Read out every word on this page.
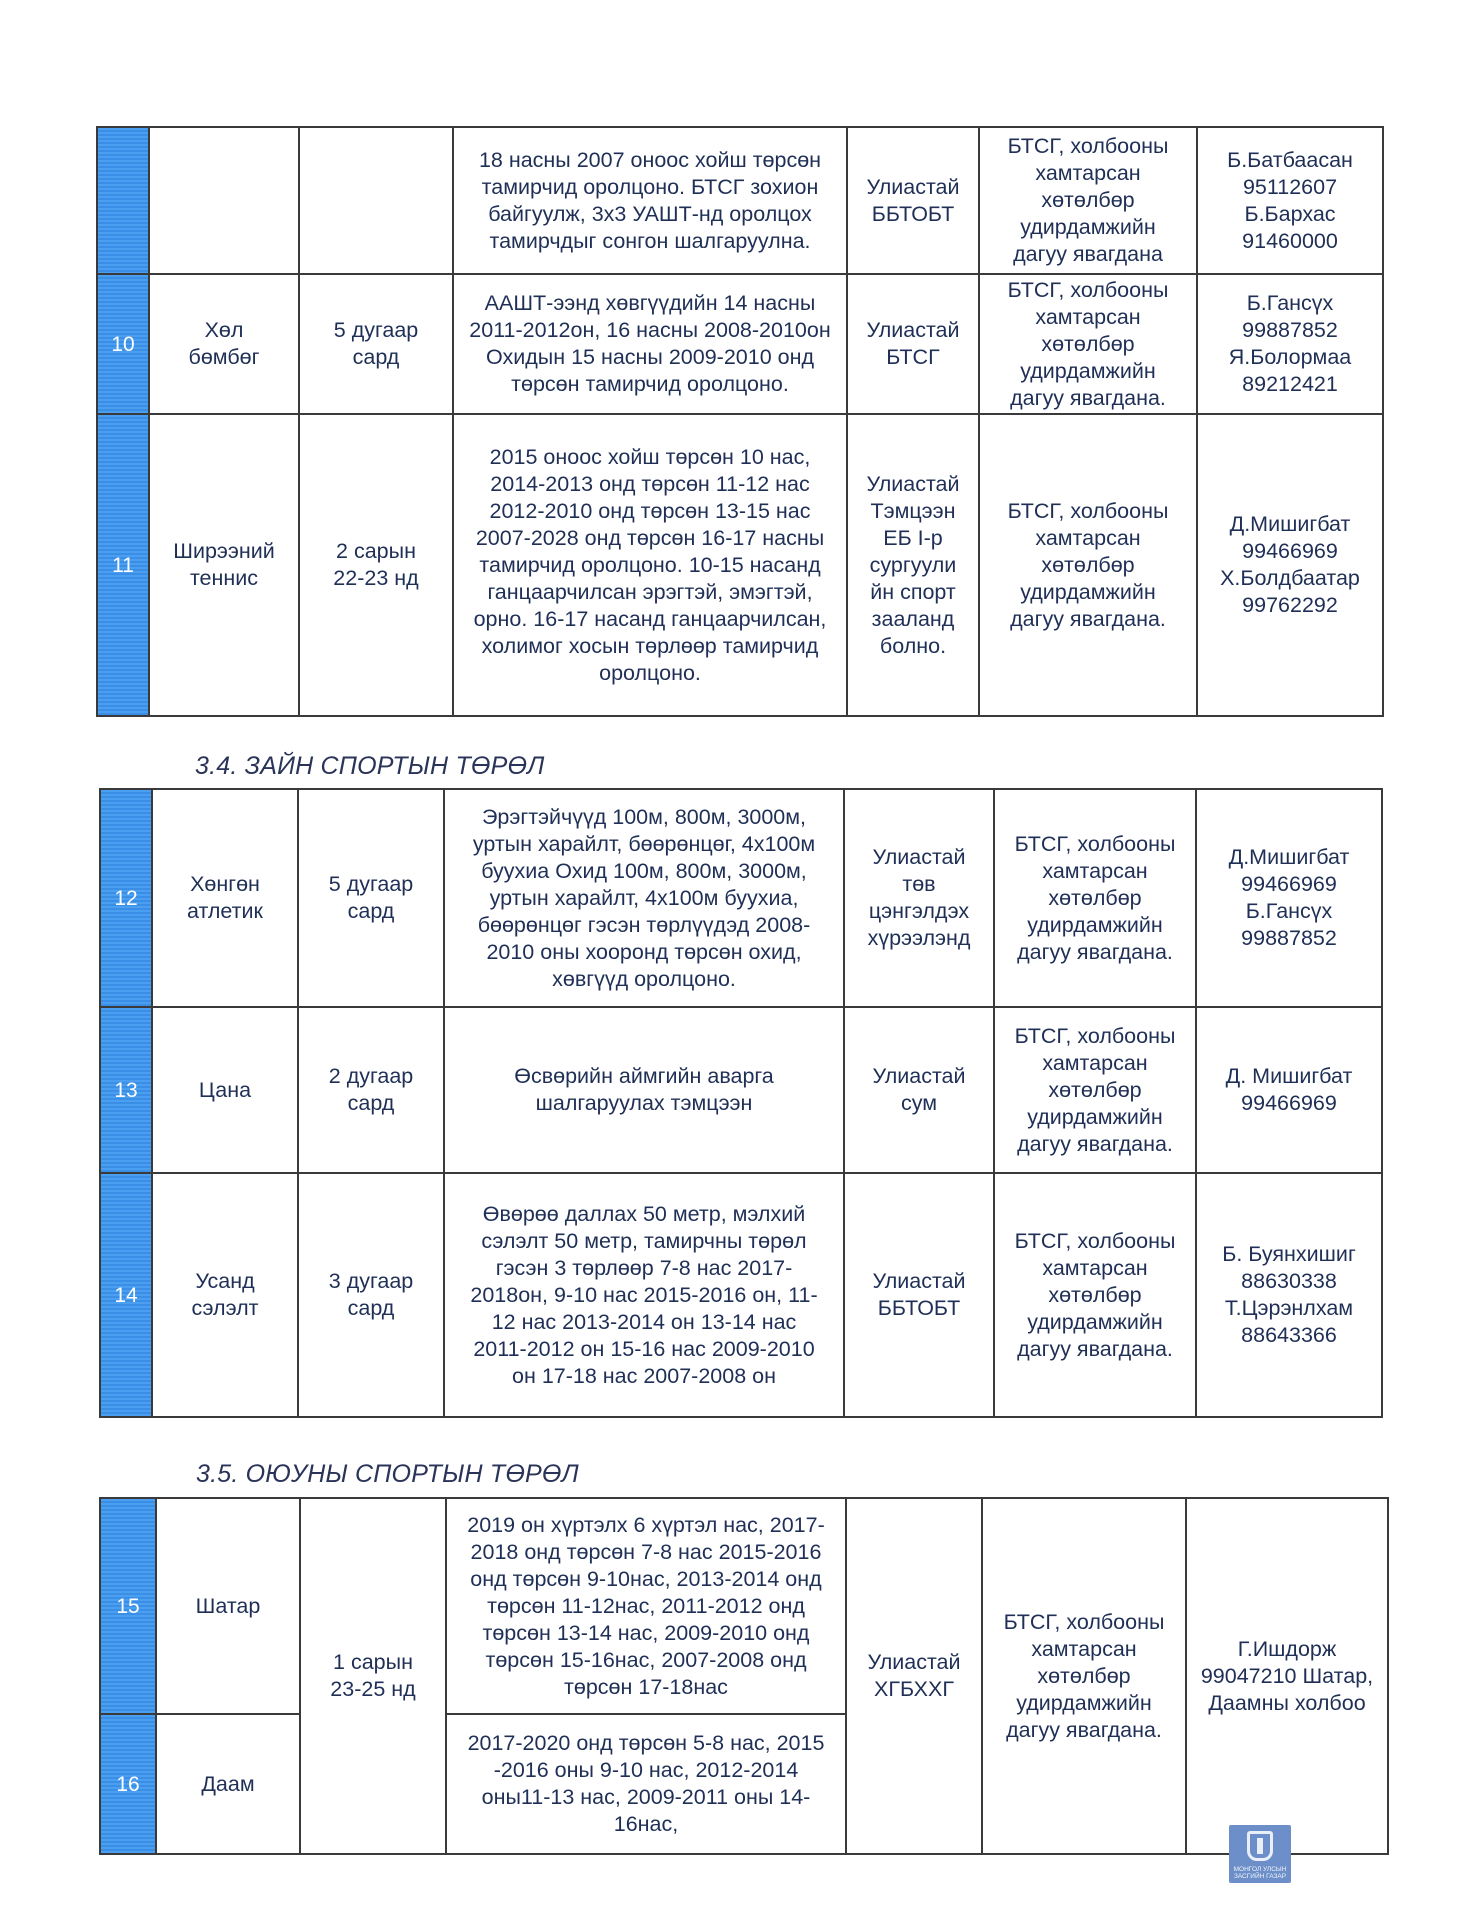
			18 насны 2007 оноос хойш төрсөн тамирчид оролцоно. БТСГ зохион байгуулж, 3х3 УАШТ-нд оролцох тамирчдыг сонгон шалгаруулна.	Улиастай ББТОБТ	БТСГ, холбооны хамтарсан хөтөлбөр удирдамжийн дагуу явагдана	Б.Батбаасан 95112607 Б.Бархас 91460000
10	Хөл бөмбөг	5 дугаар сард	ААШТ-ээнд хөвгүүдийн 14 насны 2011-2012он, 16 насны 2008-2010он Охидын 15 насны 2009-2010 онд төрсөн тамирчид оролцоно.	Улиастай БТСГ	БТСГ, холбооны хамтарсан хөтөлбөр удирдамжийн дагуу явагдана.	Б.Гансүх 99887852 Я.Болормаа 89212421
11	Ширээний теннис	2 сарын 22-23 нд	2015 оноос хойш төрсөн 10 нас, 2014-2013 онд төрсөн 11-12 нас 2012-2010 онд төрсөн 13-15 нас 2007-2028 онд төрсөн 16-17 насны тамирчид оролцоно. 10-15 насанд ганцаарчилсан эрэгтэй, эмэгтэй, орно. 16-17 насанд ганцаарчилсан, холимог хосын төрлөөр тамирчид оролцоно.	Улиастай Тэмцээн ЕБ I-р сургуули йн спорт зааланд болно.	БТСГ, холбооны хамтарсан хөтөлбөр удирдамжийн дагуу явагдана.	Д.Мишигбат 99466969 Х.Болдбаатар 99762292
3.4. ЗАЙН СПОРТЫН ТӨРӨЛ
12	Хөнгөн атлетик	5 дугаар сард	Эрэгтэйчүүд 100м, 800м, 3000м, уртын харайлт, бөөрөнцөг, 4х100м буухиа Охид 100м, 800м, 3000м, уртын харайлт, 4х100м буухиа, бөөрөнцөг гэсэн төрлүүдэд 2008-2010 оны хооронд төрсөн охид, хөвгүүд оролцоно.	Улиастай төв цэнгэлдэх хүрээлэнд	БТСГ, холбооны хамтарсан хөтөлбөр удирдамжийн дагуу явагдана.	Д.Мишигбат 99466969 Б.Гансүх 99887852
13	Цана	2 дугаар сард	Өсвөрийн аймгийн аварга шалгаруулах тэмцээн	Улиастай сум	БТСГ, холбооны хамтарсан хөтөлбөр удирдамжийн дагуу явагдана.	Д. Мишигбат 99466969
14	Усанд сэлэлт	3 дугаар сард	Өвөрөө даллах 50 метр, мэлхий сэлэлт 50 метр, тамирчны төрөл гэсэн 3 төрлөөр 7-8 нас 2017-2018он, 9-10 нас 2015-2016 он, 11-12 нас 2013-2014 он 13-14 нас 2011-2012 он 15-16 нас 2009-2010 он 17-18 нас 2007-2008 он	Улиастай ББТОБТ	БТСГ, холбооны хамтарсан хөтөлбөр удирдамжийн дагуу явагдана.	Б. Буянхишиг 88630338 Т.Цэрэнлхам 88643366
3.5. ОЮУНЫ СПОРТЫН ТӨРӨЛ
15	Шатар	1 сарын 23-25 нд	2019 он хүртэлх 6 хүртэл нас, 2017-2018 онд төрсөн 7-8 нас 2015-2016 онд төрсөн 9-10нас, 2013-2014 онд төрсөн 11-12нас, 2011-2012 онд төрсөн 13-14 нас, 2009-2010 онд төрсөн 15-16нас, 2007-2008 онд төрсөн 17-18нас	Улиастай ХГБХХГ	БТСГ, холбооны хамтарсан хөтөлбөр удирдамжийн дагуу явагдана.	Г.Ишдорж 99047210 Шатар, Даамны холбоо
16	Даам		2017-2020 онд төрсөн 5-8 нас, 2015 -2016 оны 9-10 нас, 2012-2014 оны11-13 нас, 2009-2011 оны 14-16нас,			
МОНГОЛ УЛСЫН ЗАСГИЙН ГАЗАР
